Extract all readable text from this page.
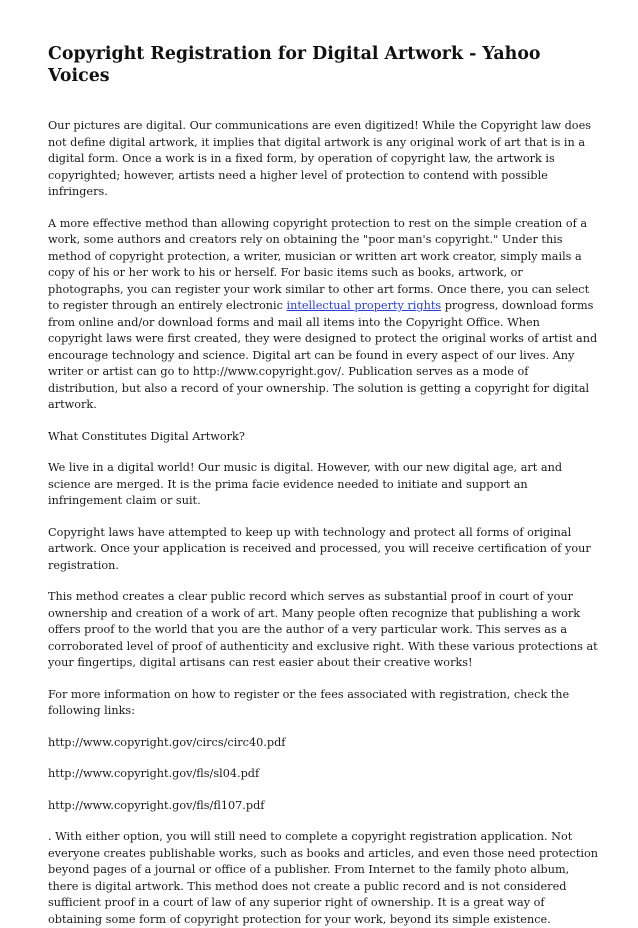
Copyright Registration for Digital Artwork - Yahoo Voices

Our pictures are digital. Our communications are even digitized! While the Copyright law does not define digital artwork, it implies that digital artwork is any original work of art that is in a digital form. Once a work is in a fixed form, by operation of copyright law, the artwork is copyrighted; however, artists need a higher level of protection to contend with possible infringers.

A more effective method than allowing copyright protection to rest on the simple creation of a work, some authors and creators rely on obtaining the "poor man's copyright." Under this method of copyright protection, a writer, musician or written art work creator, simply mails a copy of his or her work to his or herself. For basic items such as books, artwork, or photographs, you can register your work similar to other art forms. Once there, you can select to register through an entirely electronic intellectual property rights progress, download forms from online and/or download forms and mail all items into the Copyright Office. When copyright laws were first created, they were designed to protect the original works of artist and encourage technology and science. Digital art can be found in every aspect of our lives. Any writer or artist can go to http://www.copyright.gov/. Publication serves as a mode of distribution, but also a record of your ownership. The solution is getting a copyright for digital artwork.

What Constitutes Digital Artwork?

We live in a digital world! Our music is digital. However, with our new digital age, art and science are merged. It is the prima facie evidence needed to initiate and support an infringement claim or suit.

Copyright laws have attempted to keep up with technology and protect all forms of original artwork. Once your application is received and processed, you will receive certification of your registration.

This method creates a clear public record which serves as substantial proof in court of your ownership and creation of a work of art. Many people often recognize that publishing a work offers proof to the world that you are the author of a very particular work. This serves as a corroborated level of proof of authenticity and exclusive right. With these various protections at your fingertips, digital artisans can rest easier about their creative works!

For more information on how to register or the fees associated with registration, check the following links:

http://www.copyright.gov/circs/circ40.pdf

http://www.copyright.gov/fls/sl04.pdf

http://www.copyright.gov/fls/fl107.pdf

. With either option, you will still need to complete a copyright registration application. Not everyone creates publishable works, such as books and articles, and even those need protection beyond pages of a journal or office of a publisher. From Internet to the family photo album, there is digital artwork. This method does not create a public record and is not considered sufficient proof in a court of law of any superior right of ownership. It is a great way of obtaining some form of copyright protection for your work, beyond its simple existence.
